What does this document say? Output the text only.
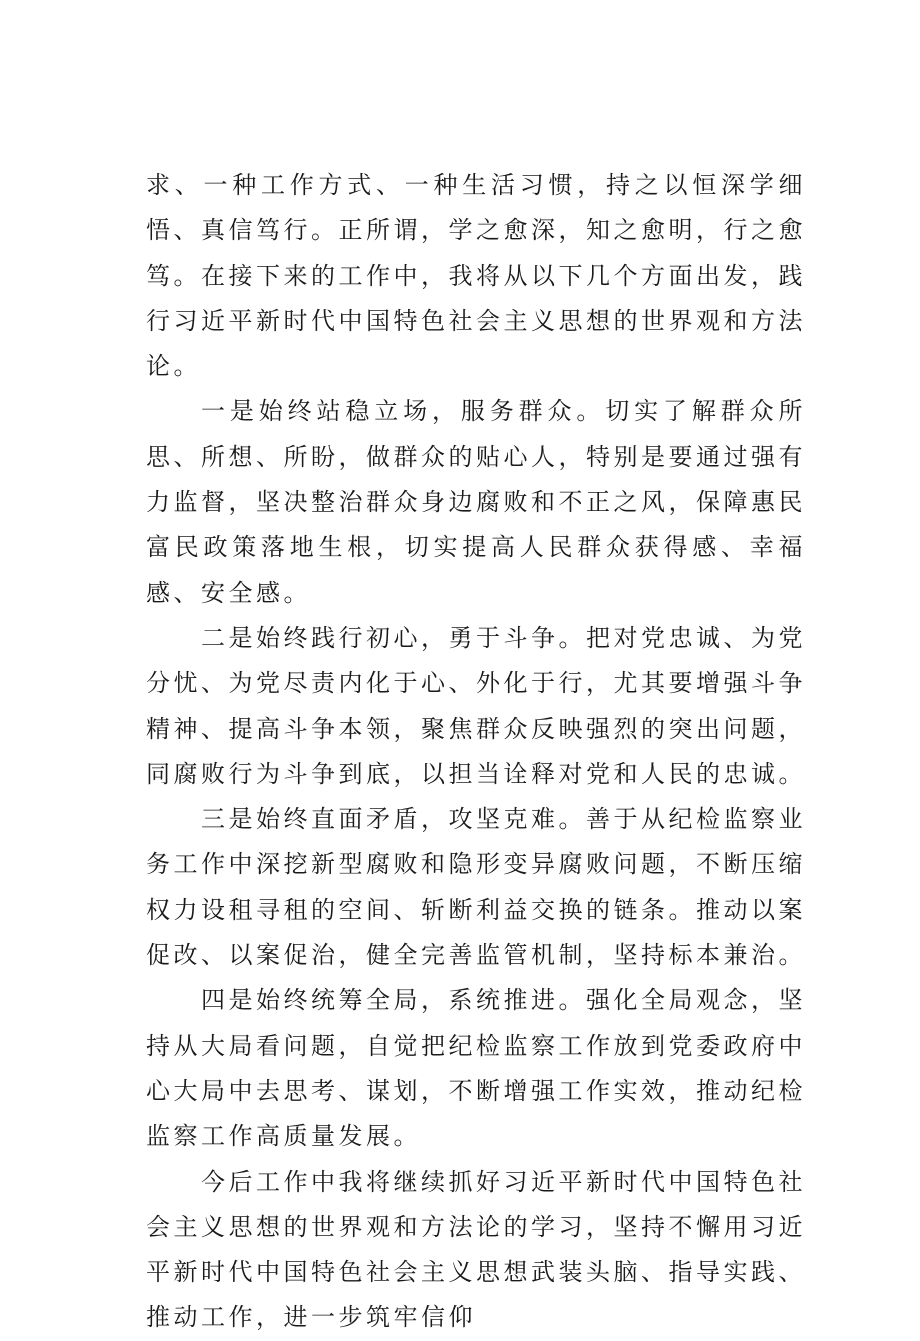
求、一种工作方式、一种生活习惯，持之以恒深学细悟、真信笃行。正所谓，学之愈深，知之愈明，行之愈笃。在接下来的工作中，我将从以下几个方面出发，践行习近平新时代中国特色社会主义思想的世界观和方法论。

一是始终站稳立场，服务群众。切实了解群众所思、所想、所盼，做群众的贴心人，特别是要通过强有力监督，坚决整治群众身边腐败和不正之风，保障惠民富民政策落地生根，切实提高人民群众获得感、幸福感、安全感。

二是始终践行初心，勇于斗争。把对党忠诚、为党分忧、为党尽责内化于心、外化于行，尤其要增强斗争精神、提高斗争本领，聚焦群众反映强烈的突出问题，同腐败行为斗争到底，以担当诠释对党和人民的忠诚。

三是始终直面矛盾，攻坚克难。善于从纪检监察业务工作中深挖新型腐败和隐形变异腐败问题，不断压缩权力设租寻租的空间、斩断利益交换的链条。推动以案促改、以案促治，健全完善监管机制，坚持标本兼治。

四是始终统筹全局，系统推进。强化全局观念，坚持从大局看问题，自觉把纪检监察工作放到党委政府中心大局中去思考、谋划，不断增强工作实效，推动纪检监察工作高质量发展。

今后工作中我将继续抓好习近平新时代中国特色社会主义思想的世界观和方法论的学习，坚持不懈用习近平新时代中国特色社会主义思想武装头脑、指导实践、推动工作，进一步筑牢信仰
